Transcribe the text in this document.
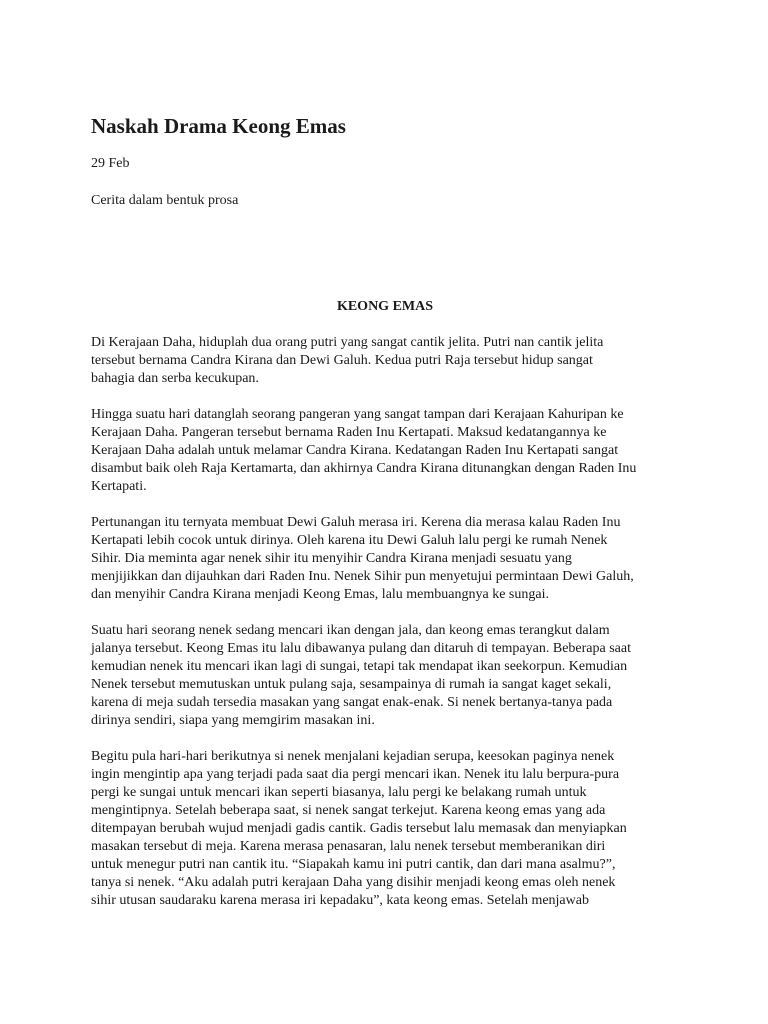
Naskah Drama Keong Emas
29 Feb
Cerita dalam bentuk prosa
KEONG EMAS
Di Kerajaan Daha, hiduplah dua orang putri yang sangat cantik jelita. Putri nan cantik jelita
tersebut bernama Candra Kirana dan Dewi Galuh. Kedua putri Raja tersebut hidup sangat
bahagia dan serba kecukupan.
Hingga suatu hari datanglah seorang pangeran yang sangat tampan dari Kerajaan Kahuripan ke
Kerajaan Daha. Pangeran tersebut bernama Raden Inu Kertapati. Maksud kedatangannya ke
Kerajaan Daha adalah untuk melamar Candra Kirana. Kedatangan Raden Inu Kertapati sangat
disambut baik oleh Raja Kertamarta, dan akhirnya Candra Kirana ditunangkan dengan Raden Inu
Kertapati.
Pertunangan itu ternyata membuat Dewi Galuh merasa iri. Kerena dia merasa kalau Raden Inu
Kertapati lebih cocok untuk dirinya. Oleh karena itu Dewi Galuh lalu pergi ke rumah Nenek
Sihir. Dia meminta agar nenek sihir itu menyihir Candra Kirana menjadi sesuatu yang
menjijikkan dan dijauhkan dari Raden Inu. Nenek Sihir pun menyetujui permintaan Dewi Galuh,
dan menyihir Candra Kirana menjadi Keong Emas, lalu membuangnya ke sungai.
Suatu hari seorang nenek sedang mencari ikan dengan jala, dan keong emas terangkut dalam
jalanya tersebut. Keong Emas itu lalu dibawanya pulang dan ditaruh di tempayan. Beberapa saat
kemudian nenek itu mencari ikan lagi di sungai, tetapi tak mendapat ikan seekorpun. Kemudian
Nenek tersebut memutuskan untuk pulang saja, sesampainya di rumah ia sangat kaget sekali,
karena di meja sudah tersedia masakan yang sangat enak-enak. Si nenek bertanya-tanya pada
dirinya sendiri, siapa yang memgirim masakan ini.
Begitu pula hari-hari berikutnya si nenek menjalani kejadian serupa, keesokan paginya nenek
ingin mengintip apa yang terjadi pada saat dia pergi mencari ikan. Nenek itu lalu berpura-pura
pergi ke sungai untuk mencari ikan seperti biasanya, lalu pergi ke belakang rumah untuk
mengintipnya. Setelah beberapa saat, si nenek sangat terkejut. Karena keong emas yang ada
ditempayan berubah wujud menjadi gadis cantik. Gadis tersebut lalu memasak dan menyiapkan
masakan tersebut di meja. Karena merasa penasaran, lalu nenek tersebut memberanikan diri
untuk menegur putri nan cantik itu. “Siapakah kamu ini putri cantik, dan dari mana asalmu?”,
tanya si nenek. “Aku adalah putri kerajaan Daha yang disihir menjadi keong emas oleh nenek
sihir utusan saudaraku karena merasa iri kepadaku”, kata keong emas. Setelah menjawab
